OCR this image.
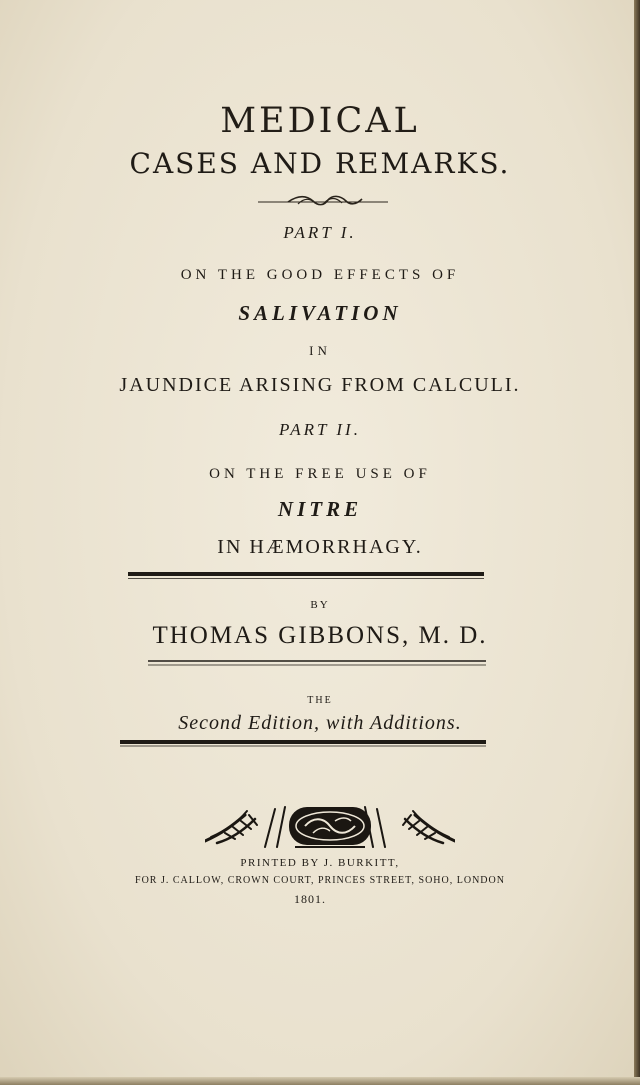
MEDICAL
CASES AND REMARKS.
PART I.
ON THE GOOD EFFECTS OF
SALIVATION
IN
JAUNDICE ARISING FROM CALCULI.
PART II.
ON THE FREE USE OF
NITRE
IN HÆMORRHAGY.
BY
THOMAS GIBBONS, M. D.
THE
Second Edition, with Additions.
PRINTED BY J. BURKITT,
FOR J. CALLOW, CROWN COURT, PRINCES STREET, SOHO, LONDON
1801.
